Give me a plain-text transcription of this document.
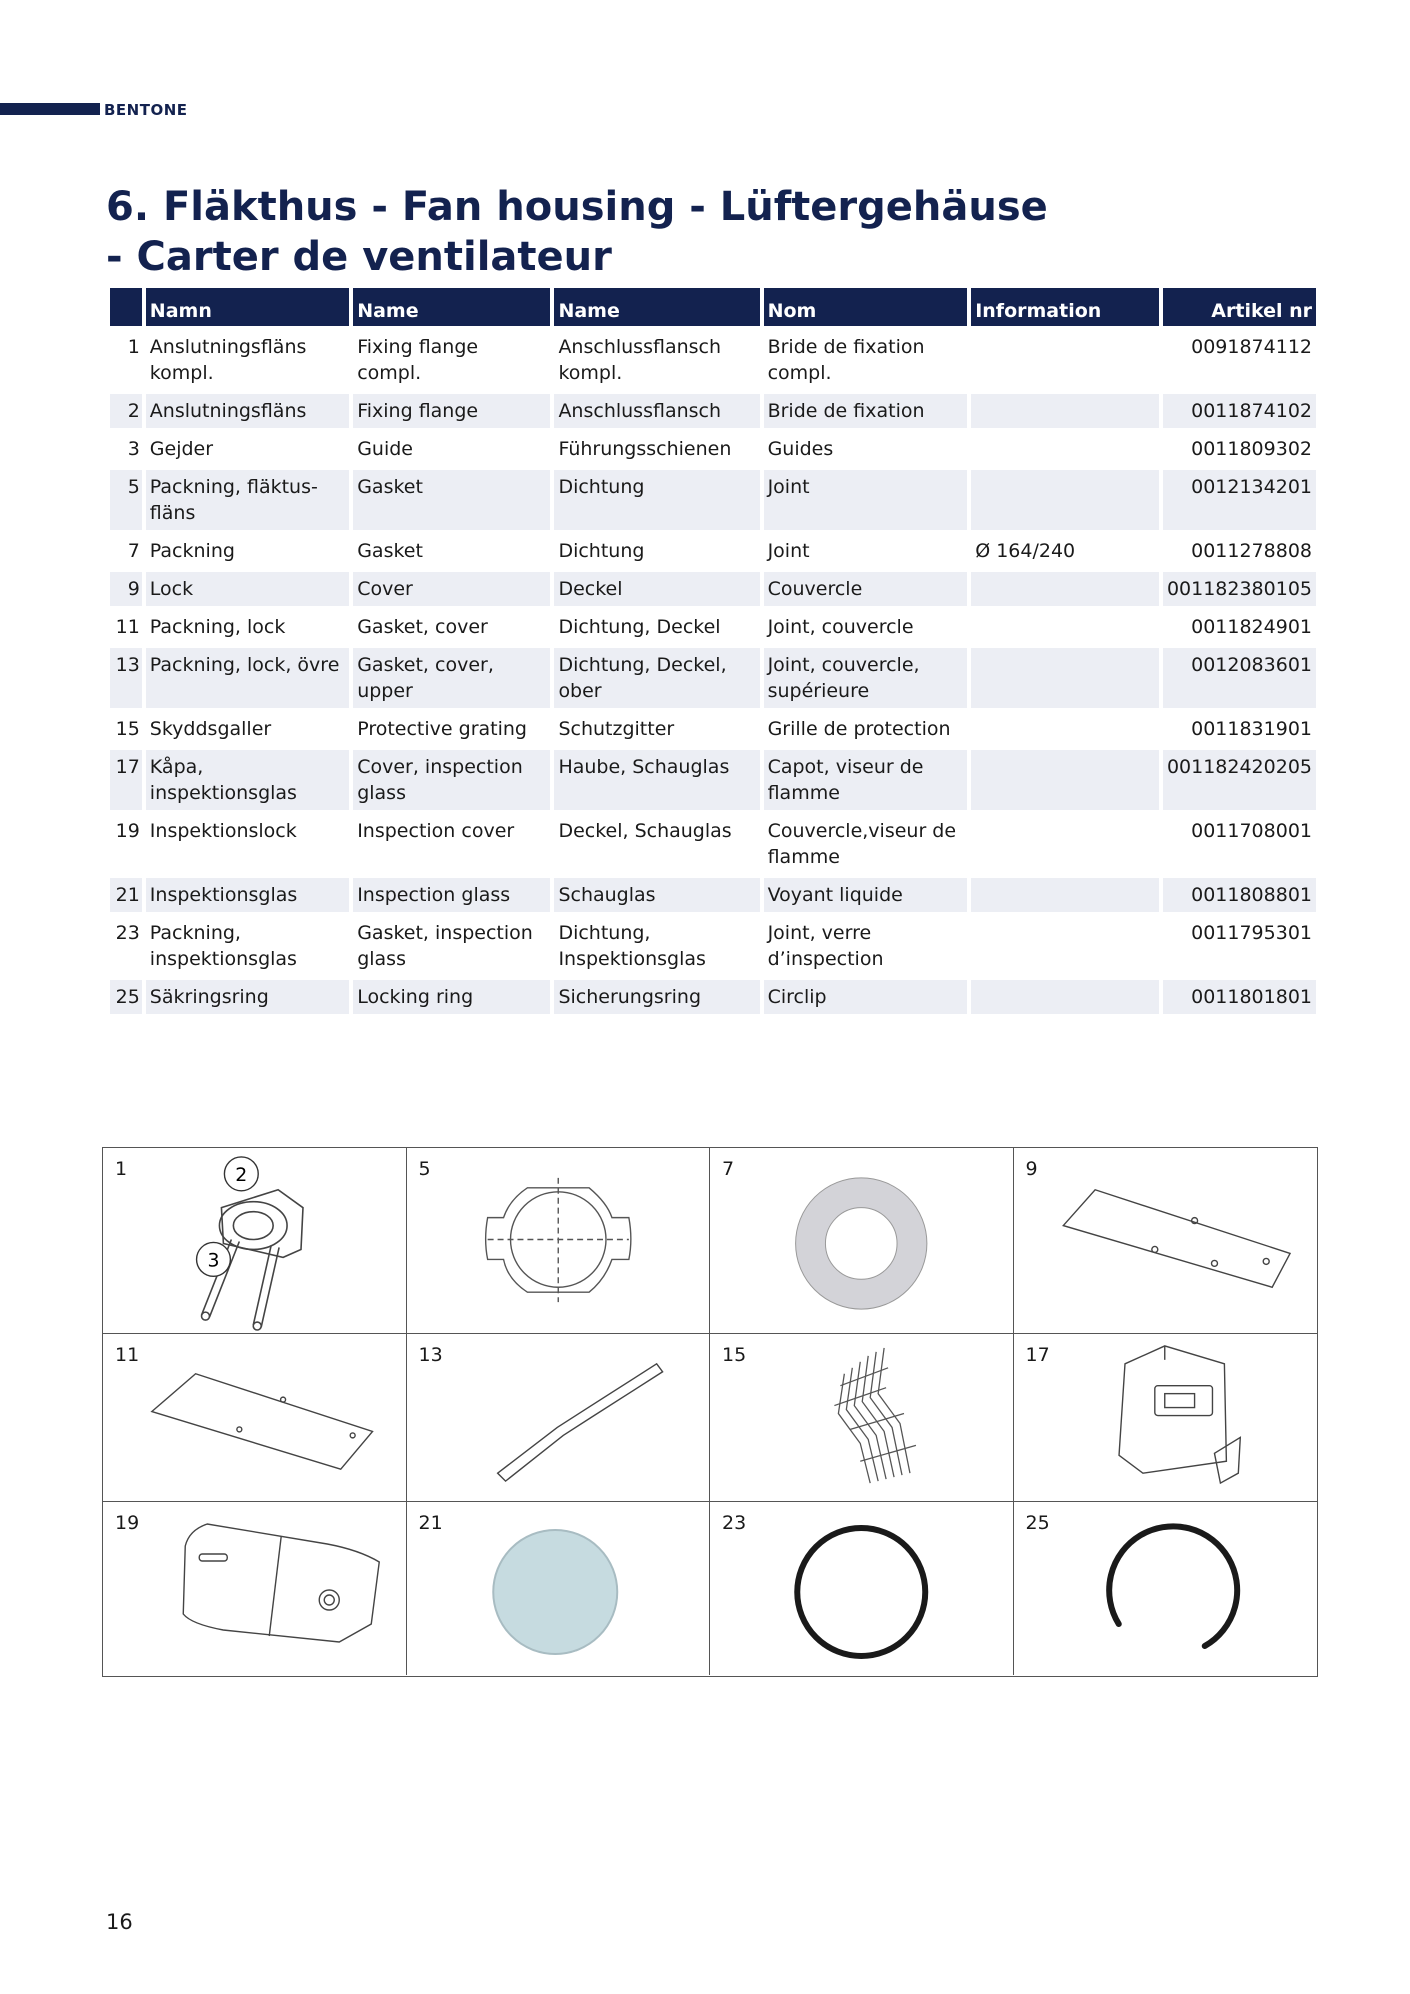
BENTONE
6. Fläkthus - Fan housing - Lüftergehäuse
- Carter de ventilateur
	Namn	Name	Name	Nom	Information	Artikel nr
1	Anslutningsfläns kompl.	Fixing flange compl.	Anschlussflansch kompl.	Bride de fixation compl.		0091874112
2	Anslutningsfläns	Fixing flange	Anschlussflansch	Bride de fixation		0011874102
3	Gejder	Guide	Führungsschienen	Guides		0011809302
5	Packning, fläktus-fläns	Gasket	Dichtung	Joint		0012134201
7	Packning	Gasket	Dichtung	Joint	Ø 164/240	0011278808
9	Lock	Cover	Deckel	Couvercle		001182380105
11	Packning, lock	Gasket, cover	Dichtung, Deckel	Joint, couvercle		0011824901
13	Packning, lock, övre	Gasket, cover, upper	Dichtung, Deckel, ober	Joint, couvercle, supérieure		0012083601
15	Skyddsgaller	Protective grating	Schutzgitter	Grille de protection		0011831901
17	Kåpa, inspektionsglas	Cover, inspection glass	Haube, Schauglas	Capot, viseur de flamme		001182420205
19	Inspektionslock	Inspection cover	Deckel, Schauglas	Couvercle,viseur de flamme		0011708001
21	Inspektionsglas	Inspection glass	Schauglas	Voyant liquide		0011808801
23	Packning, inspektionsglas	Gasket, inspection glass	Dichtung, Inspektionsglas	Joint, verre d’inspection		0011795301
25	Säkringsring	Locking ring	Sicherungsring	Circlip		0011801801
1	2
3
5	7	9
11	13	15	17
19	21	23	25
16
